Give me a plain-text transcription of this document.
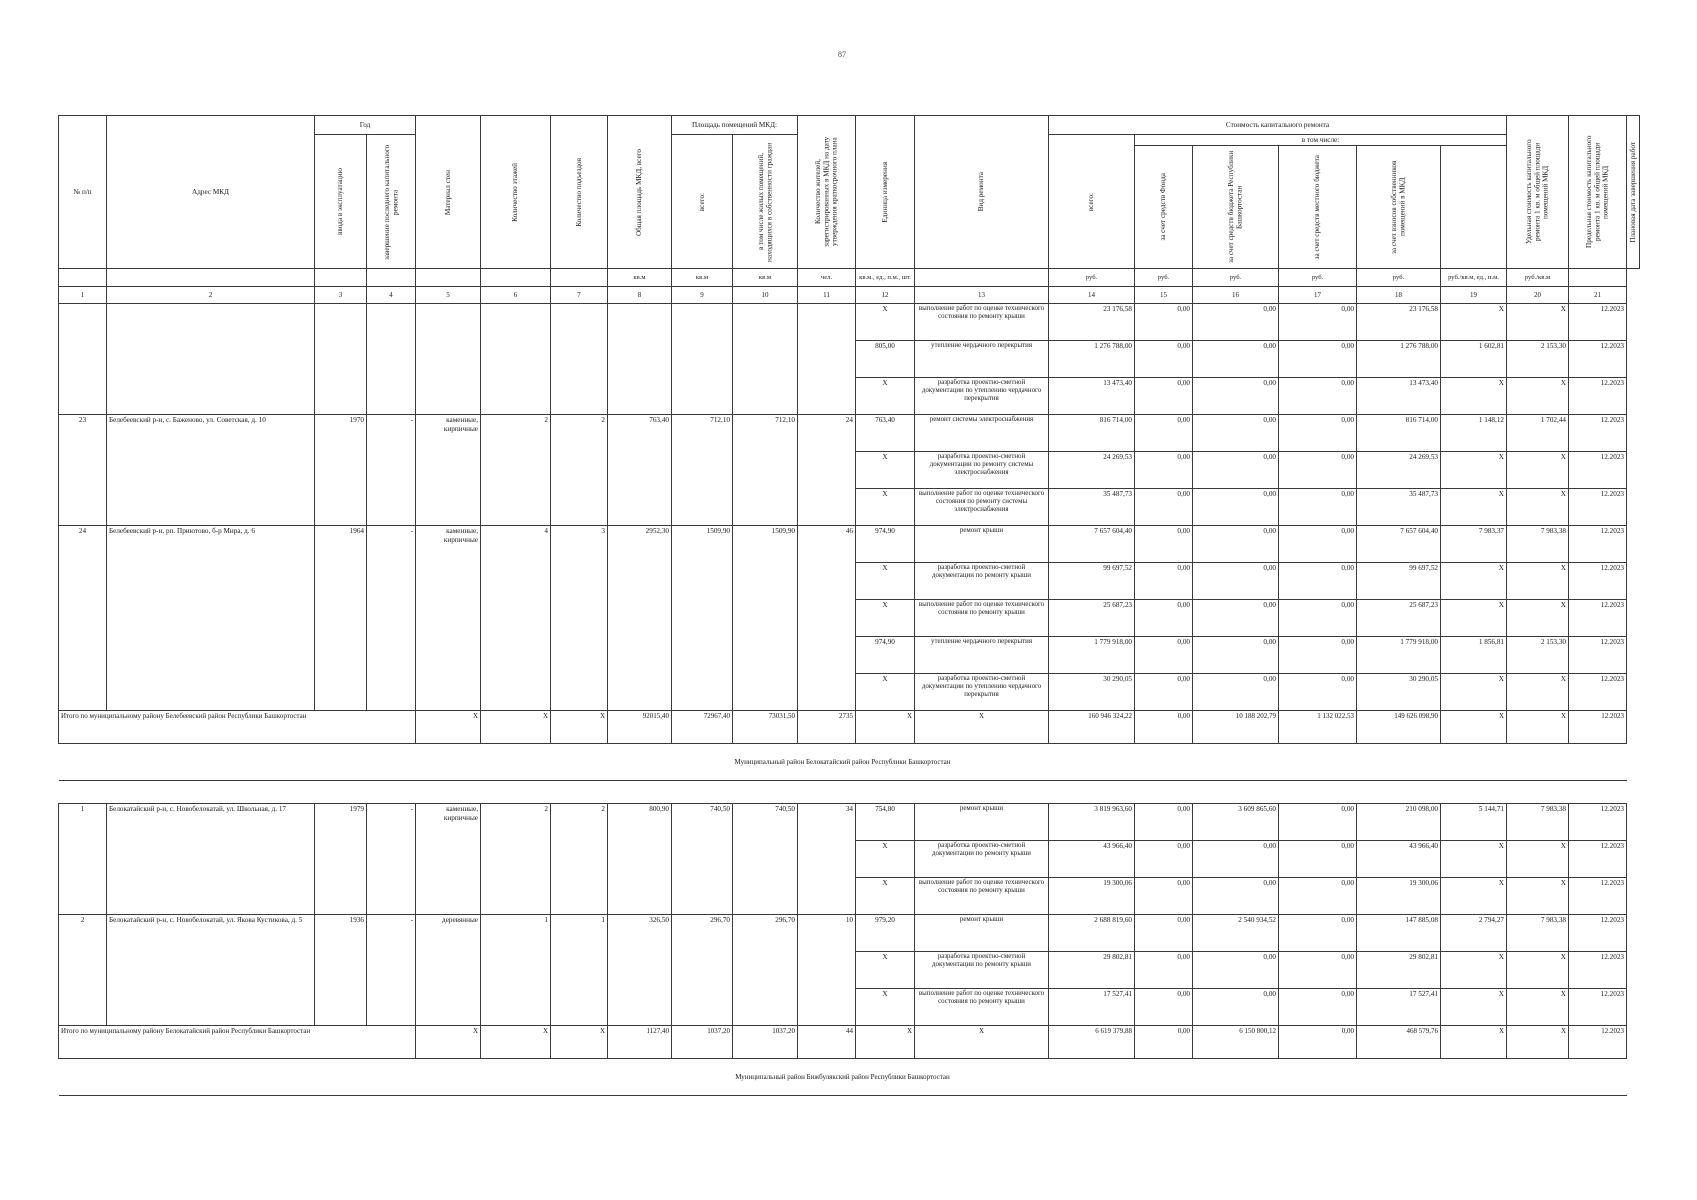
87
№ п/п	Адрес МКД	Год		Материал стен	Количество этажей	Количество подъездов	Общая площадь МКД, всего	Площадь помещений МКД:		Количество жителей, зарегистрированных в МКД на дату утверждения краткосрочного плана	Единица измерения	Вид ремонта	Стоимость капитального ремонта						Удельная стоимость капитального ремонта 1 кв. м общей площади помещений МКД	Предельная стоимость капитального ремонта 1 кв. м общей площади помещений МКД	Плановая дата завершения работ

		ввода в эксплуатацию	завершение последнего капитального ремонта					всего:	в том числе жилых помещений, находящихся в собственности граждан				всего:	в том числе:							

														за счет средств Фонда	за счет средств бюджета Республики Башкортостан	за счет средств местного бюджета	за счет взносов собственников помещений в МКД				

							кв.м	кв.м	кв.м	чел.	кв.м., ед., п.м., шт.		руб.	руб.	руб.	руб.	руб.	руб./кв.м, ед., п.м.	руб./кв.м		
1	2	3	4	5	6	7	8	9	10	11	12	13	14	15	16	17	18	19	20	21	
											X	выполнение работ по оценке технического состояния по ремонту крыши	23 176,58	0,00	0,00	0,00	23 176,58	X	X	12.2023	
											805,00	утепление чердачного перекрытия	1 276 788,00	0,00	0,00	0,00	1 276 788,00	1 602,81	2 153,30	12.2023	
											X	разработка проектно-сметной документации по утеплению чердачного перекрытия	13 473,40	0,00	0,00	0,00	13 473,40	X	X	12.2023	
23	Белебеевский р-н, с. Баженово, ул. Советская, д. 10	1970	-	каменные, кирпичные	2	2	763,40	712,10	712,10	24	763,40	ремонт системы электроснабжения	816 714,00	0,00	0,00	0,00	816 714,00	1 148,12	1 702,44	12.2023	
											X	разработка проектно-сметной документации по ремонту системы электроснабжения	24 269,53	0,00	0,00	0,00	24 269,53	X	X	12.2023	
											X	выполнение работ по оценке технического состояния по ремонту системы электроснабжения	35 487,73	0,00	0,00	0,00	35 487,73	X	X	12.2023	
24	Белебеевский р-н, рп. Приютово, б-р Мира, д. 6	1964	-	каменные, кирпичные	4	3	2952,30	1509,90	1509,90	46	974,90	ремонт крыши	7 657 604,40	0,00	0,00	0,00	7 657 604,40	7 983,37	7 983,38	12.2023	
											X	разработка проектно-сметной документации по ремонту крыши	99 697,52	0,00	0,00	0,00	99 697,52	X	X	12.2023	
											X	выполнение работ по оценке технического состояния по ремонту крыши	25 687,23	0,00	0,00	0,00	25 687,23	X	X	12.2023	
											974,90	утепление чердачного перекрытия	1 779 918,00	0,00	0,00	0,00	1 779 918,00	1 856,81	2 153,30	12.2023	
											X	разработка проектно-сметной документации по утеплению чердачного перекрытия	30 290,05	0,00	0,00	0,00	30 290,05	X	X	12.2023	
Итого по муниципальному району Белебеевский район Республики Башкортостан				X	X	X	92015,40	72967,40	73031,50	2735	X	X	160 946 324,22	0,00	10 188 202,79	1 132 022,53	149 626 098,90	X	X	12.2023	
Муниципальный район Белокатайский район Республики Башкортостан																					

1	Белокатайский р-н, с. Новобелокатай, ул. Школьная, д. 17	1979	-	каменные, кирпичные	2	2	800,90	740,50	740,50	34	754,80	ремонт крыши	3 819 963,60	0,00	3 609 865,60	0,00	210 098,00	5 144,71	7 983,38	12.2023	
											X	разработка проектно-сметной документации по ремонту крыши	43 966,40	0,00	0,00	0,00	43 966,40	X	X	12.2023	
											X	выполнение работ по оценке технического состояния по ремонту крыши	19 300,06	0,00	0,00	0,00	19 300,06	X	X	12.2023	
2	Белокатайский р-н, с. Новобелокатай, ул. Якова Кустикова, д. 5	1936	-	деревянные	1	1	326,50	296,70	296,70	10	979,20	ремонт крыши	2 688 819,60	0,00	2 540 934,52	0,00	147 885,08	2 794,27	7 983,38	12.2023	
											X	разработка проектно-сметной документации по ремонту крыши	29 802,81	0,00	0,00	0,00	29 802,81	X	X	12.2023	
											X	выполнение работ по оценке технического состояния по ремонту крыши	17 527,41	0,00	0,00	0,00	17 527,41	X	X	12.2023	
Итого по муниципальному району Белокатайский район Республики Башкортостан				X	X	X	1127,40	1037,20	1037,20	44	X	X	6 619 379,88	0,00	6 150 800,12	0,00	468 579,76	X	X	12.2023	
Муниципальный район Бижбулякский район Республики Башкортостан																					
